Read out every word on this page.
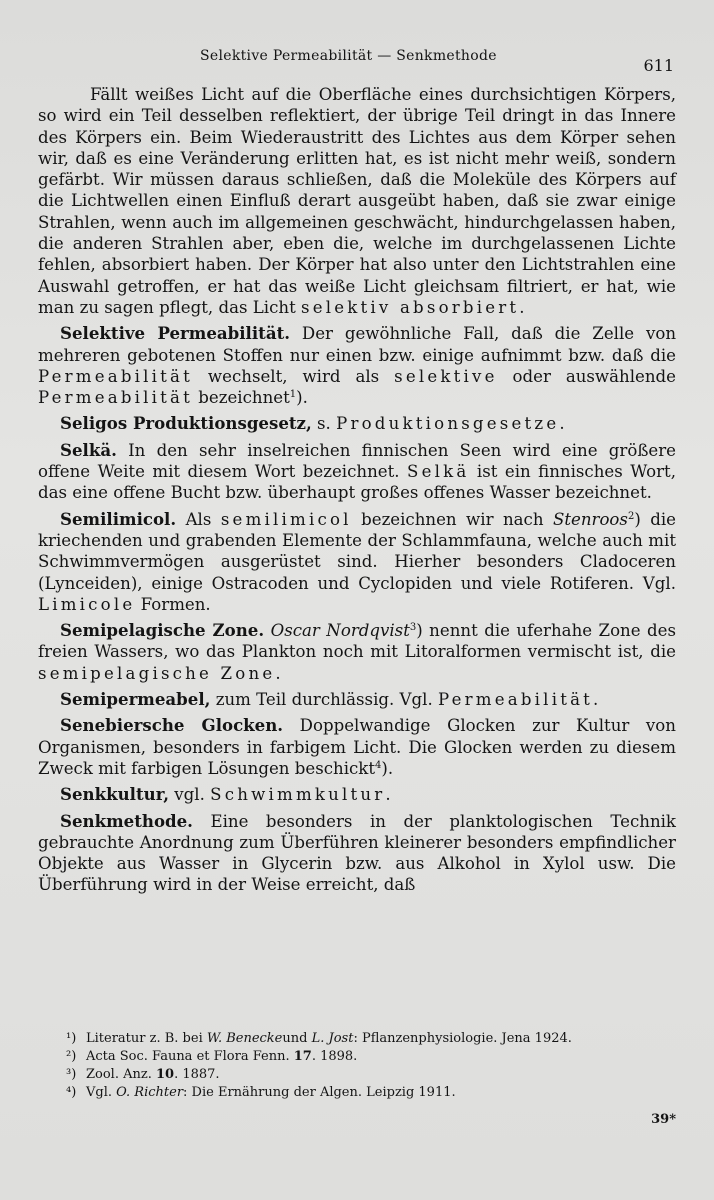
Selektive Permeabilität — Senkmethode	611

Fällt weißes Licht auf die Oberfläche eines durchsichtigen Körpers, so wird ein Teil desselben reflektiert, der übrige Teil dringt in das Innere des Körpers ein. Beim Wiederaustritt des Lichtes aus dem Körper sehen wir, daß es eine Veränderung erlitten hat, es ist nicht mehr weiß, sondern gefärbt. Wir müssen daraus schließen, daß die Moleküle des Körpers auf die Lichtwellen einen Einfluß derart ausgeübt haben, daß sie zwar einige Strahlen, wenn auch im allgemeinen geschwächt, hindurchgelassen haben, die anderen Strahlen aber, eben die, welche im durchgelassenen Lichte fehlen, absorbiert haben. Der Körper hat also unter den Lichtstrahlen eine Auswahl getroffen, er hat das weiße Licht gleichsam filtriert, er hat, wie man zu sagen pflegt, das Licht selektiv absorbiert.

Selektive Permeabilität. Der gewöhnliche Fall, daß die Zelle von mehreren gebotenen Stoffen nur einen bzw. einige aufnimmt bzw. daß die Permeabilität wechselt, wird als selektive oder auswählende Permeabilität bezeichnet$^1$).

Seligos Produktionsgesetz, s. Produktionsgesetze.

Selkä. In den sehr inselreichen finnischen Seen wird eine größere offene Weite mit diesem Wort bezeichnet. Selkä ist ein finnisches Wort, das eine offene Bucht bzw. überhaupt großes offenes Wasser bezeichnet.

Semilimicol. Als semilimicol bezeichnen wir nach Stenroos$^2$) die kriechenden und grabenden Elemente der Schlammfauna, welche auch mit Schwimmvermögen ausgerüstet sind. Hierher besonders Cladoceren (Lynceiden), einige Ostracoden und Cyclopiden und viele Rotiferen. Vgl. Limicole Formen.

Semipelagische Zone. Oscar Nordqvist$^3$) nennt die uferhahe Zone des freien Wassers, wo das Plankton noch mit Litoralformen vermischt ist, die semipelagische Zone.

Semipermeabel, zum Teil durchlässig. Vgl. Permeabilität.

Senebiersche Glocken. Doppelwandige Glocken zur Kultur von Organismen, besonders in farbigem Licht. Die Glocken werden zu diesem Zweck mit farbigen Lösungen beschickt$^4$).

Senkkultur, vgl. Schwimmkultur.

Senkmethode. Eine besonders in der planktologischen Technik gebrauchte Anordnung zum Überführen kleinerer besonders empfindlicher Objekte aus Wasser in Glycerin bzw. aus Alkohol in Xylol usw. Die Überführung wird in der Weise erreicht, daß

¹) Literatur z. B. bei W. Beneckeund L. Jost: Pflanzenphysiologie. Jena 1924.

²) Acta Soc. Fauna et Flora Fenn. 17. 1898.

³) Zool. Anz. 10. 1887.

⁴) Vgl. O. Richter: Die Ernährung der Algen. Leipzig 1911.

39*
